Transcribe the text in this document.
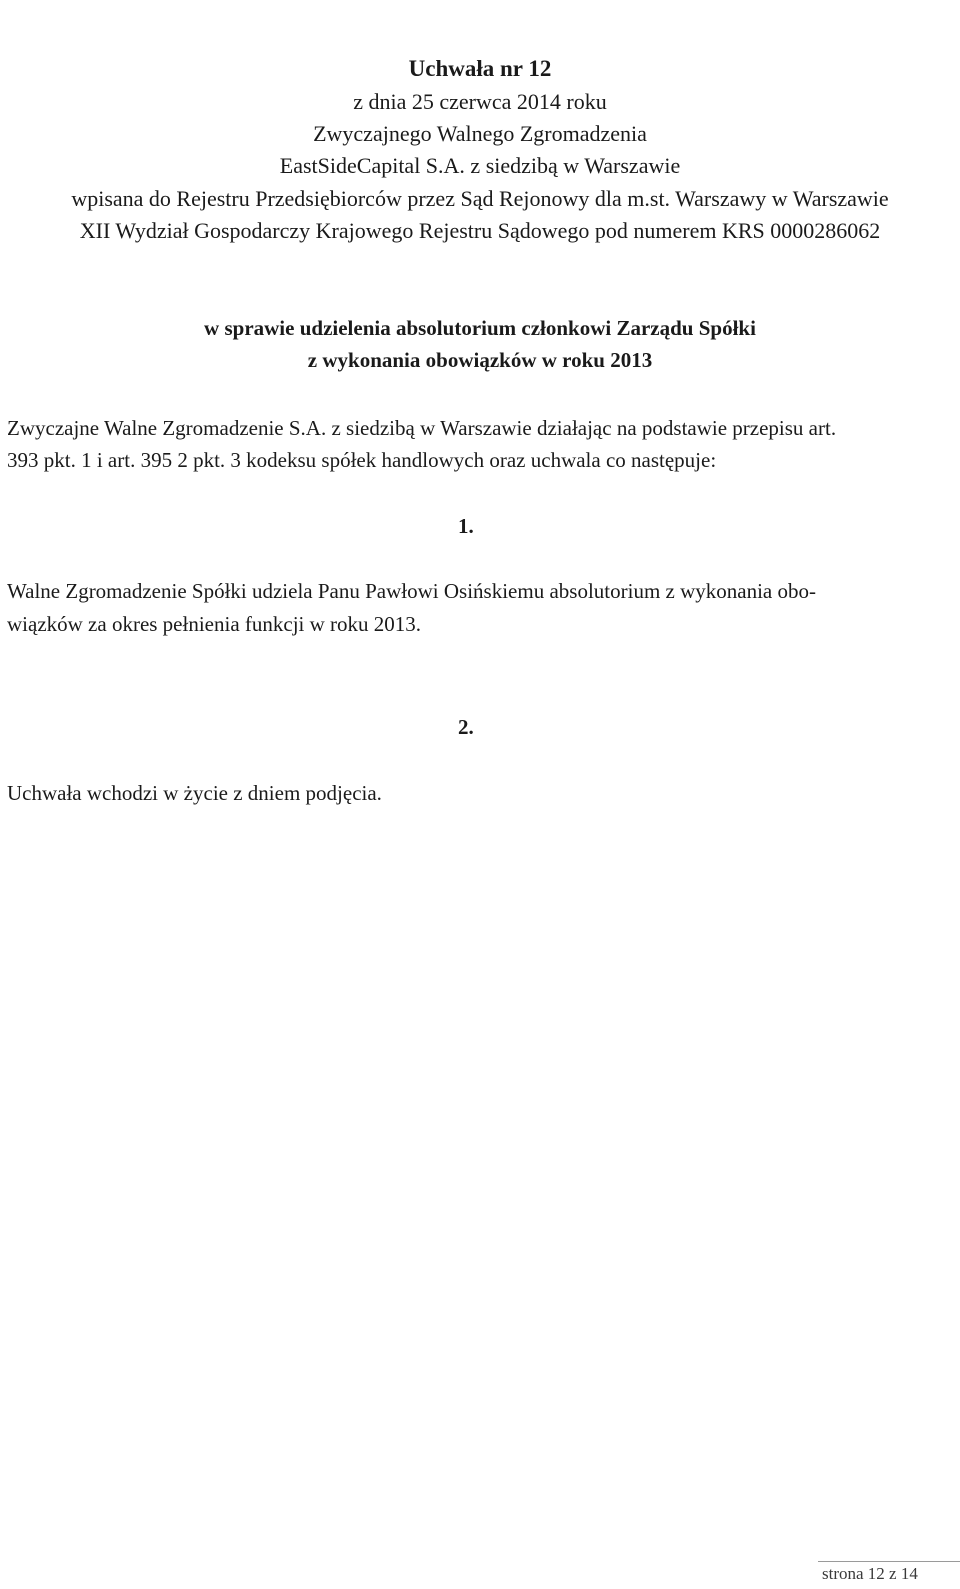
Uchwała nr 12
z dnia 25 czerwca 2014 roku
Zwyczajnego Walnego Zgromadzenia
EastSideCapital S.A. z siedzibą w Warszawie
wpisana do Rejestru Przedsiębiorców przez Sąd Rejonowy dla m.st. Warszawy w Warszawie
XII Wydział Gospodarczy Krajowego Rejestru Sądowego pod numerem KRS 0000286062
w sprawie udzielenia absolutorium członkowi Zarządu Spółki
z wykonania obowiązków w roku 2013
Zwyczajne Walne Zgromadzenie S.A. z siedzibą w Warszawie działając na podstawie przepisu art.
393 pkt. 1 i art. 395 2 pkt. 3 kodeksu spółek handlowych oraz uchwala co następuje:
1.
Walne Zgromadzenie Spółki udziela Panu Pawłowi Osińskiemu absolutorium z wykonania obo-
wiązków za okres pełnienia funkcji w roku 2013.
2.
Uchwała wchodzi w życie z dniem podjęcia.
strona 12 z 14
